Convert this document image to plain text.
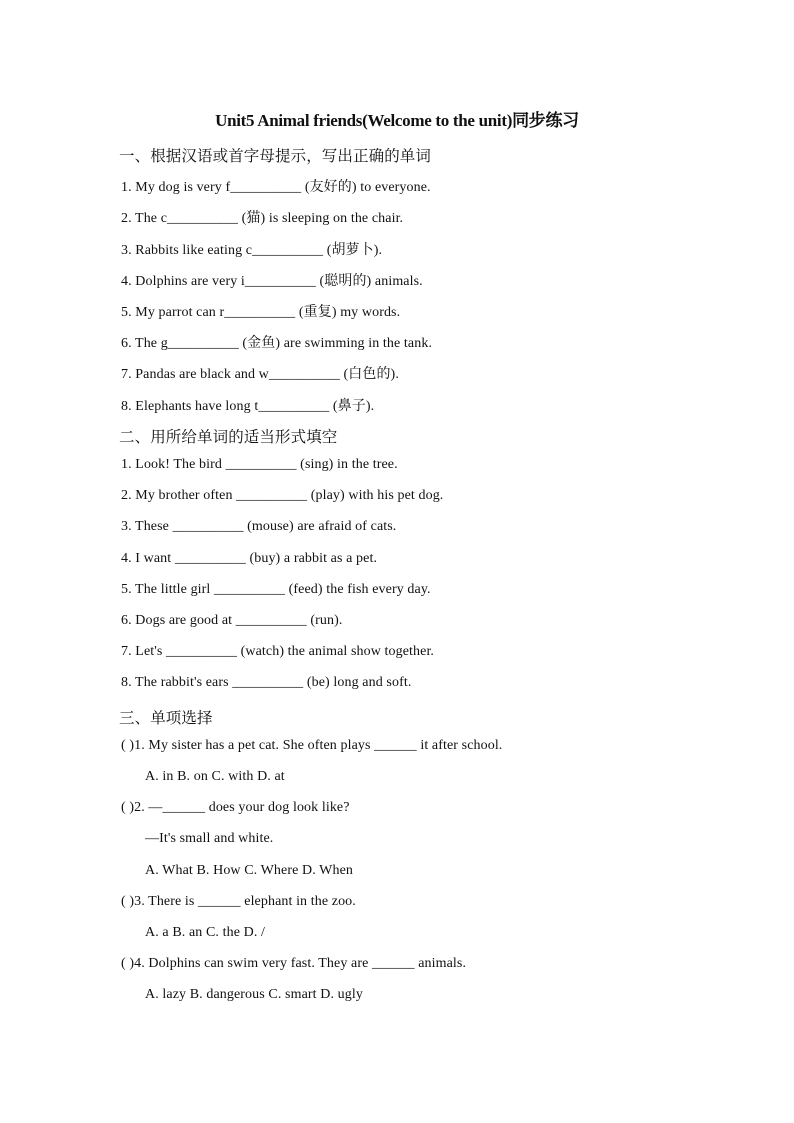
Unit5 Animal friends(Welcome to the unit)同步练习
一、根据汉语或首字母提示，写出正确的单词
1. My dog is very f__________ (友好的) to everyone.
2. The c__________ (猫) is sleeping on the chair.
3. Rabbits like eating c__________ (胡萝卜).
4. Dolphins are very i__________ (聪明的) animals.
5. My parrot can r__________ (重复) my words.
6. The g__________ (金鱼) are swimming in the tank.
7. Pandas are black and w__________ (白色的).
8. Elephants have long t__________ (鼻子).
二、用所给单词的适当形式填空
1. Look! The bird __________ (sing) in the tree.
2. My brother often __________ (play) with his pet dog.
3. These __________ (mouse) are afraid of cats.
4. I want __________ (buy) a rabbit as a pet.
5. The little girl __________ (feed) the fish every day.
6. Dogs are good at __________ (run).
7. Let's __________ (watch) the animal show together.
8. The rabbit's ears __________ (be) long and soft.
三、单项选择
( )1. My sister has a pet cat. She often plays ______ it after school.
A. in B. on C. with D. at
( )2. —______ does your dog look like?
—It's small and white.
A. What B. How C. Where D. When
( )3. There is ______ elephant in the zoo.
A. a B. an C. the D. /
( )4. Dolphins can swim very fast. They are ______ animals.
A. lazy B. dangerous C. smart D. ugly
